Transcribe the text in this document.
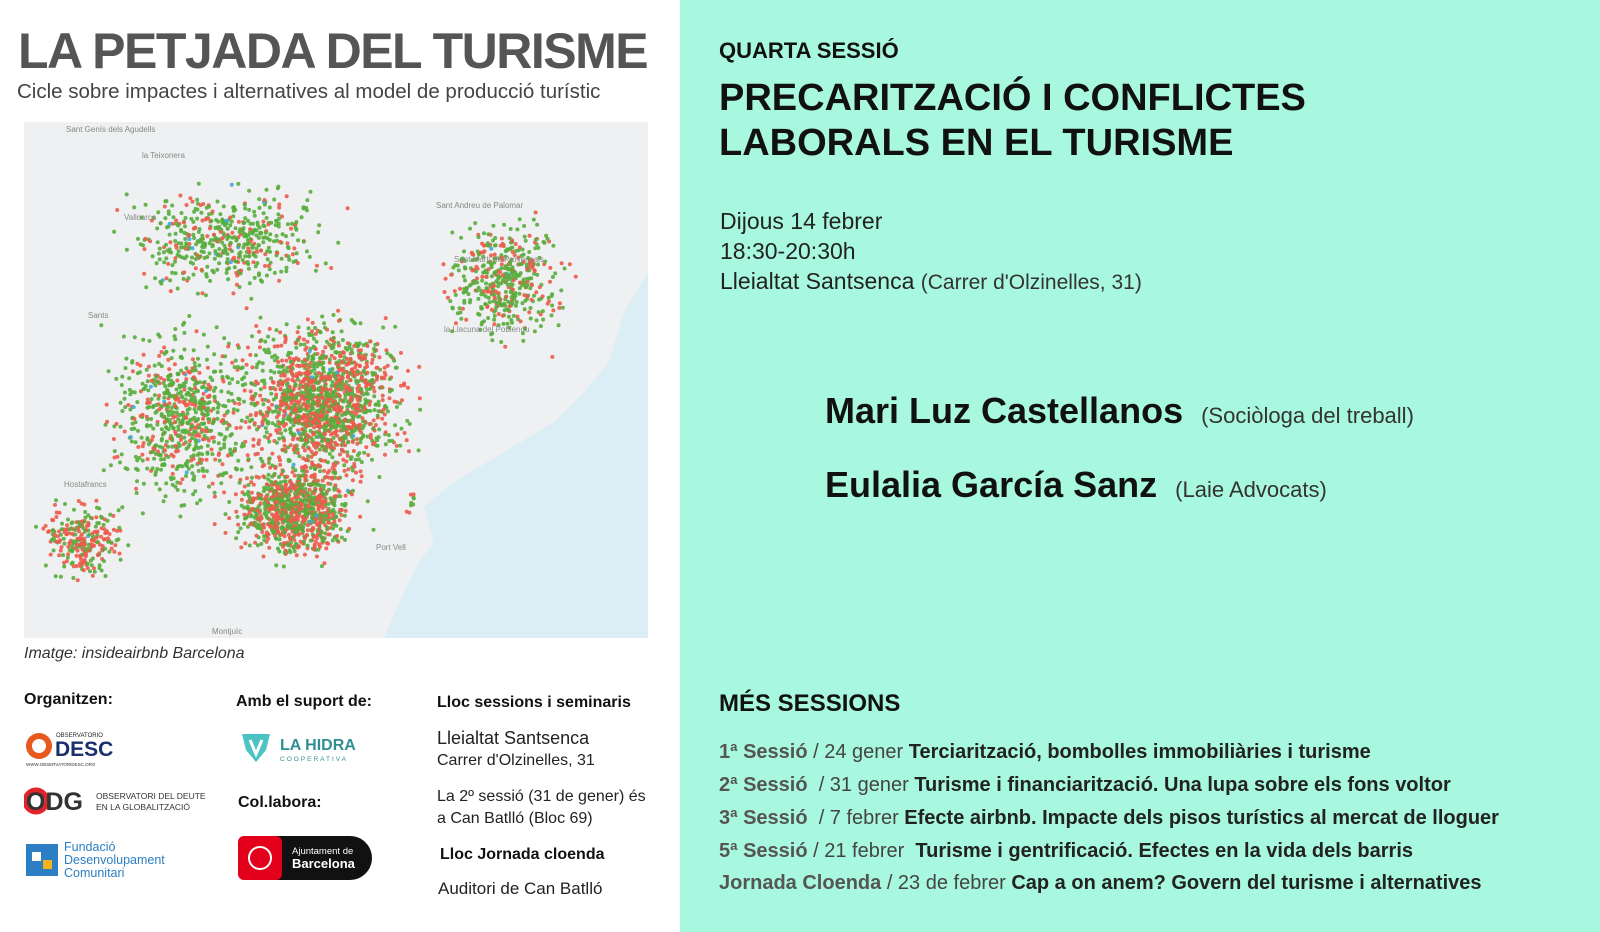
LA PETJADA DEL TURISME
Cicle sobre impactes i alternatives al model de producció turístic
Sant Genís dels Agudells
la Teixonera
Vallcarca
Sant Andreu de Palomar
Sant Martí de Provençals
la Llacuna del Poblenou
Sants
Hostafrancs
Port Vell
Montjuïc
Imatge: insideairbnb Barcelona
Organitzen:	Amb el suport de:	Lloc sessions i seminaris
OBSERVATORIO
DESC
WWW.OBSERVATORIDESC.ORG
ODG OBSERVATORI DEL DEUTE
EN LA GLOBALITZACIÓ
Fundació
Desenvolupament
Comunitari
LA HIDRA
COOPERATIVA
Col.labora:
Ajuntament de
Barcelona
Lleialtat Santsenca
Carrer d'Olzinelles, 31
La 2º sessió (31 de gener) és
a Can Batlló (Bloc 69)
Lloc Jornada cloenda
Auditori de Can Batlló
QUARTA SESSIÓ
PRECARITZACIÓ I CONFLICTES
LABORALS EN EL TURISME
Dijous 14 febrer
18:30-20:30h
Lleialtat Santsenca (Carrer d'Olzinelles, 31)
Mari Luz Castellanos (Sociòloga del treball)
Eulalia García Sanz (Laie Advocats)
MÉS SESSIONS
1ª Sessió / 24 gener Terciarització, bombolles immobiliàries i turisme
2ª Sessió  / 31 gener Turisme i financiarització. Una lupa sobre els fons voltor
3ª Sessió  / 7 febrer Efecte airbnb. Impacte dels pisos turístics al mercat de lloguer
5ª Sessió / 21 febrer  Turisme i gentrificació. Efectes en la vida dels barris
Jornada Cloenda / 23 de febrer Cap a on anem? Govern del turisme i alternatives
